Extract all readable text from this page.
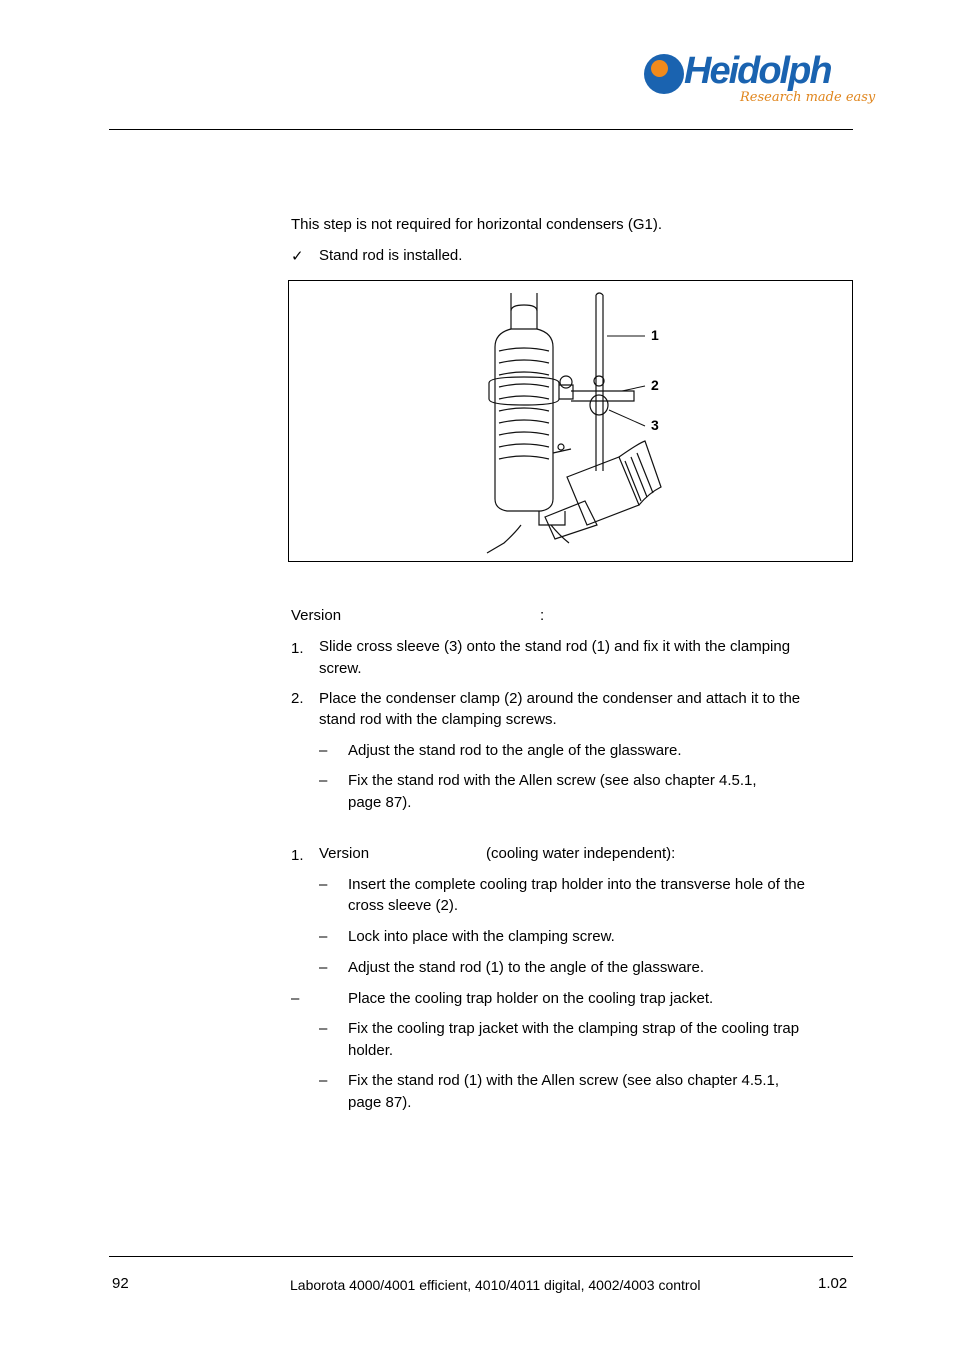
Heidolph
Research made easy
This step is not required for horizontal condensers (G1).
✓ Stand rod is installed.
1
2
3
Version	:
1. Slide cross sleeve (3) onto the stand rod (1) and fix it with the clamping
screw.
2. Place the condenser clamp (2) around the condenser and attach it to the
stand rod with the clamping screws.
– Adjust the stand rod to the angle of the glassware.
– Fix the stand rod with the Allen screw (see also chapter 4.5.1,
page 87).
1. Version	(cooling water independent):
– Insert the complete cooling trap holder into the transverse hole of the
cross sleeve (2).
– Lock into place with the clamping screw.
– Adjust the stand rod (1) to the angle of the glassware.
–	Place the cooling trap holder on the cooling trap jacket.
– Fix the cooling trap jacket with the clamping strap of the cooling trap
holder.
– Fix the stand rod (1) with the Allen screw (see also chapter 4.5.1,
page 87).
92	Laborota 4000/4001 efficient, 4010/4011 digital, 4002/4003 control	1.02
